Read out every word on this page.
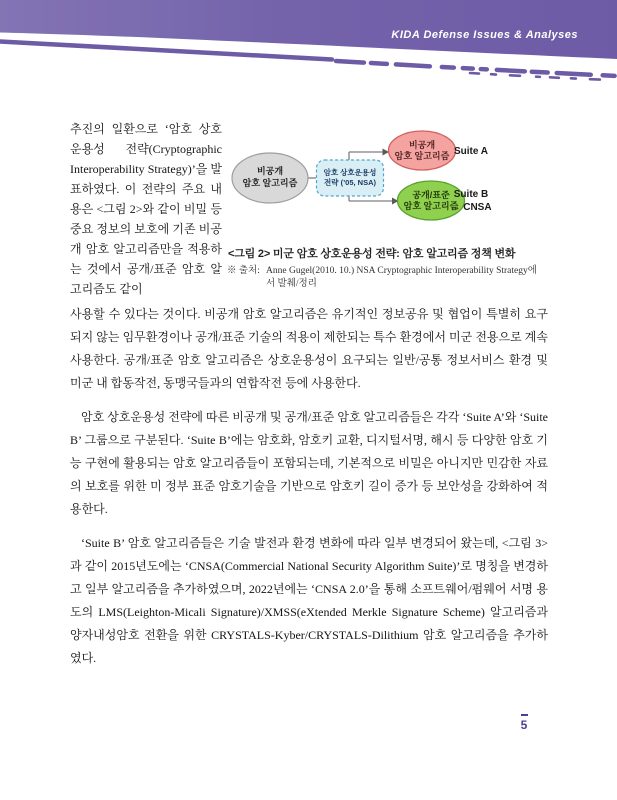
KIDA Defense Issues & Analyses
비공개
암호 알고리즘
암호 상호운용성
전략 (’05, NSA)
비공개
암호 알고리즘
공개/표준
암호 알고리즘
Suite A
Suite B
→ CNSA
<그림 2> 미군 암호 상호운용성 전략: 암호 알고리즘 정책 변화
※ 출처: Anne Gugel(2010. 10.) NSA Cryptographic Interoperability Strategy에서 발췌/정리

추진의 일환으로 ‘암호 상호운용성 전략(Cryptographic Interoperability Strategy)’을 발표하였다. 이 전략의 주요 내용은 <그림 2>와 같이 비밀 등 중요 정보의 보호에 기존 비공개 암호 알고리즘만을 적용하는 것에서 공개/표준 암호 알고리즘도 같이

사용할 수 있다는 것이다. 비공개 암호 알고리즘은 유기적인 정보공유 및 협업이 특별히 요구되지 않는 임무환경이나 공개/표준 기술의 적용이 제한되는 특수 환경에서 미군 전용으로 계속 사용한다. 공개/표준 암호 알고리즘은 상호운용성이 요구되는 일반/공통 정보서비스 환경 및 미군 내 합동작전, 동맹국들과의 연합작전 등에 사용한다.

암호 상호운용성 전략에 따른 비공개 및 공개/표준 암호 알고리즘들은 각각 ‘Suite A’와 ‘Suite B’ 그룹으로 구분된다. ‘Suite B’에는 암호화, 암호키 교환, 디지털서명, 해시 등 다양한 암호 기능 구현에 활용되는 암호 알고리즘들이 포함되는데, 기본적으로 비밀은 아니지만 민감한 자료의 보호를 위한 미 정부 표준 암호기술을 기반으로 암호키 길이 증가 등 보안성을 강화하여 적용한다.

‘Suite B’ 암호 알고리즘들은 기술 발전과 환경 변화에 따라 일부 변경되어 왔는데, <그림 3>과 같이 2015년도에는 ‘CNSA(Commercial National Security Algorithm Suite)’로 명칭을 변경하고 일부 알고리즘을 추가하였으며, 2022년에는 ‘CNSA 2.0’을 통해 소프트웨어/펌웨어 서명 용도의 LMS(Leighton-Micali Signature)/XMSS(eXtended Merkle Signature Scheme) 알고리즘과 양자내성암호 전환을 위한 CRYSTALS-Kyber/CRYSTALS-Dilithium 암호 알고리즘을 추가하였다.

5
